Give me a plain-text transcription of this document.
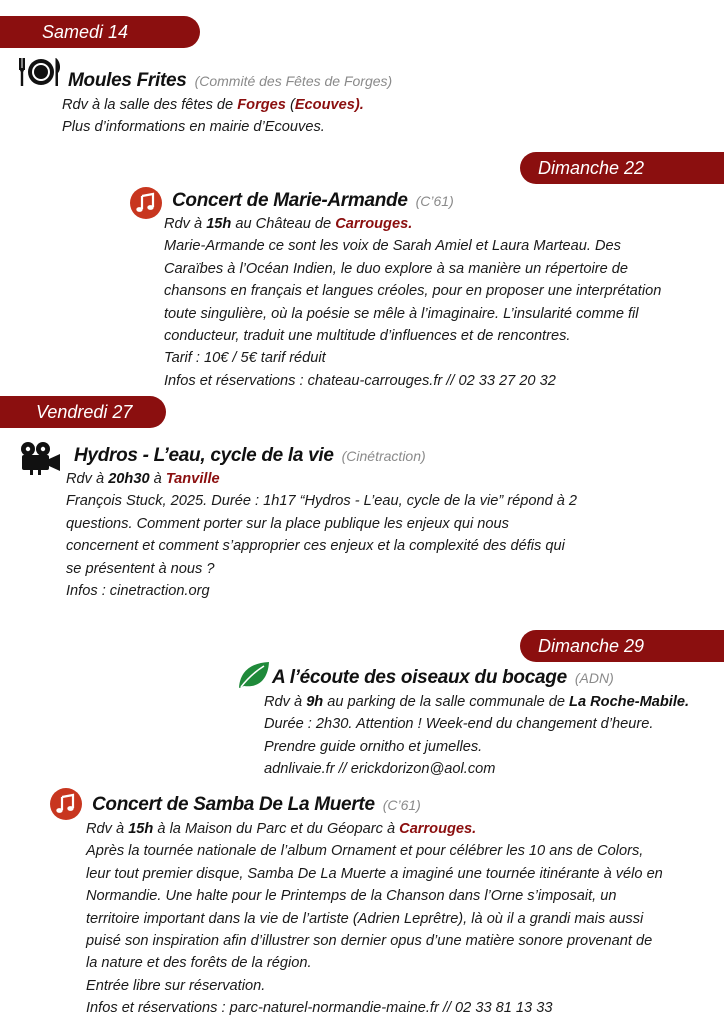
Samedi 14
Dimanche 22
Vendredi 27
Dimanche 29
Moules Frites (Commité des Fêtes de Forges)
Rdv à la salle des fêtes de Forges (Ecouves).
Plus d’informations en mairie d’Ecouves.
Concert de Marie-Armande (C’61)
Rdv à 15h au Château de Carrouges.
Marie-Armande ce sont les voix de Sarah Amiel et Laura Marteau. Des
Caraïbes à l’Océan Indien, le duo explore à sa manière un répertoire de
chansons en français et langues créoles, pour en proposer une interprétation
toute singulière, où la poésie se mêle à l’imaginaire. L’insularité comme fil
conducteur, traduit une multitude d’influences et de rencontres.
Tarif : 10€ / 5€ tarif réduit
Infos et réservations : chateau-carrouges.fr // 02 33 27 20 32
Hydros - L’eau, cycle de la vie (Cinétraction)
Rdv à 20h30 à Tanville
François Stuck, 2025. Durée : 1h17 “Hydros - L’eau, cycle de la vie” répond à 2
questions. Comment porter sur la place publique les enjeux qui nous
concernent et comment s’approprier ces enjeux et la complexité des défis qui
se présentent à nous ?
Infos : cinetraction.org
A l’écoute des oiseaux du bocage (ADN)
Rdv à 9h au parking de la salle communale de La Roche-Mabile.
Durée : 2h30. Attention ! Week-end du changement d’heure.
Prendre guide ornitho et jumelles.
adnlivaie.fr // erickdorizon@aol.com
Concert de Samba De La Muerte (C’61)
Rdv à 15h à la Maison du Parc et du Géoparc à Carrouges.
Après la tournée nationale de l’album Ornament et pour célébrer les 10 ans de Colors,
leur tout premier disque, Samba De La Muerte a imaginé une tournée itinérante à vélo en
Normandie. Une halte pour le Printemps de la Chanson dans l’Orne s’imposait, un
territoire important dans la vie de l’artiste (Adrien Leprêtre), là où il a grandi mais aussi
puisé son inspiration afin d’illustrer son dernier opus d’une matière sonore provenant de
la nature et des forêts de la région.
Entrée libre sur réservation.
Infos et réservations : parc-naturel-normandie-maine.fr // 02 33 81 13 33
